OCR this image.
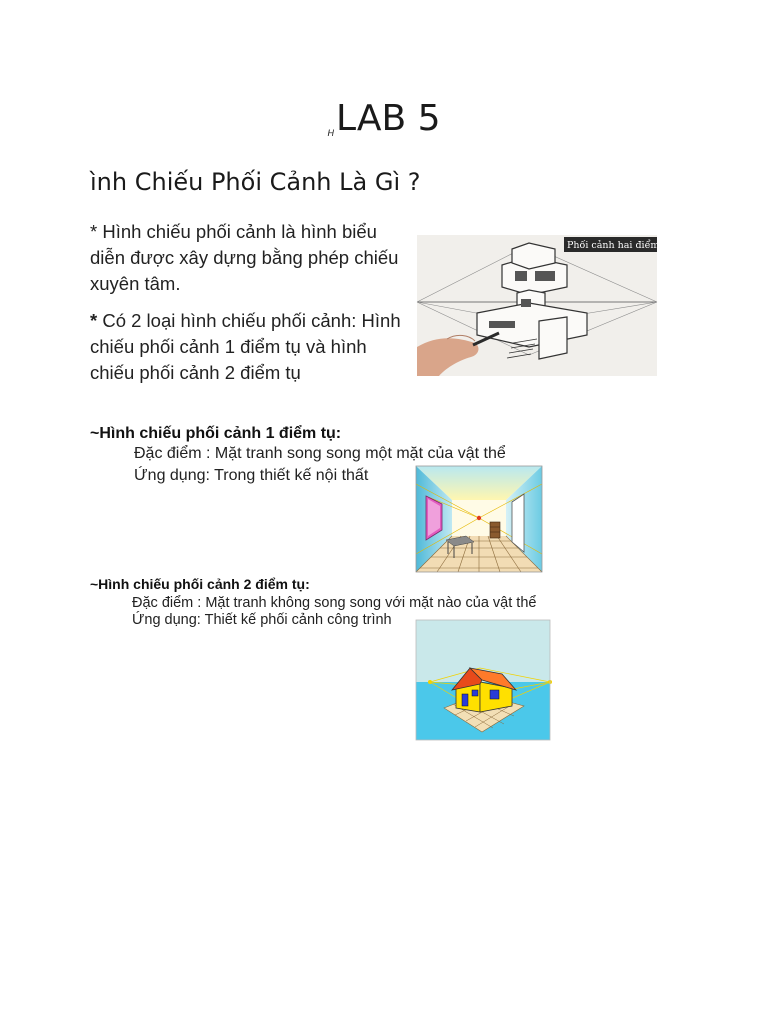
$_H$LAB 5
ình Chiếu Phối Cảnh Là Gì ?
* Hình chiếu phối cảnh là hình biểu diễn được xây dựng bằng phép chiếu xuyên tâm.
* Có 2 loại hình chiếu phối cảnh: Hình chiếu phối cảnh 1 điểm tụ và hình chiếu phối cảnh 2 điểm tụ
Phối cảnh hai điểm tụ
~Hình chiếu phối cảnh 1 điểm tụ:
Đặc điểm : Mặt tranh song song một mặt của vật thể
Ứng dụng: Trong thiết kế nội thất
~Hình chiếu phối cảnh 2 điểm tụ:
Đặc điểm : Mặt tranh không song song với mặt nào của vật thể
Ứng dụng: Thiết kế phối cảnh công trình
